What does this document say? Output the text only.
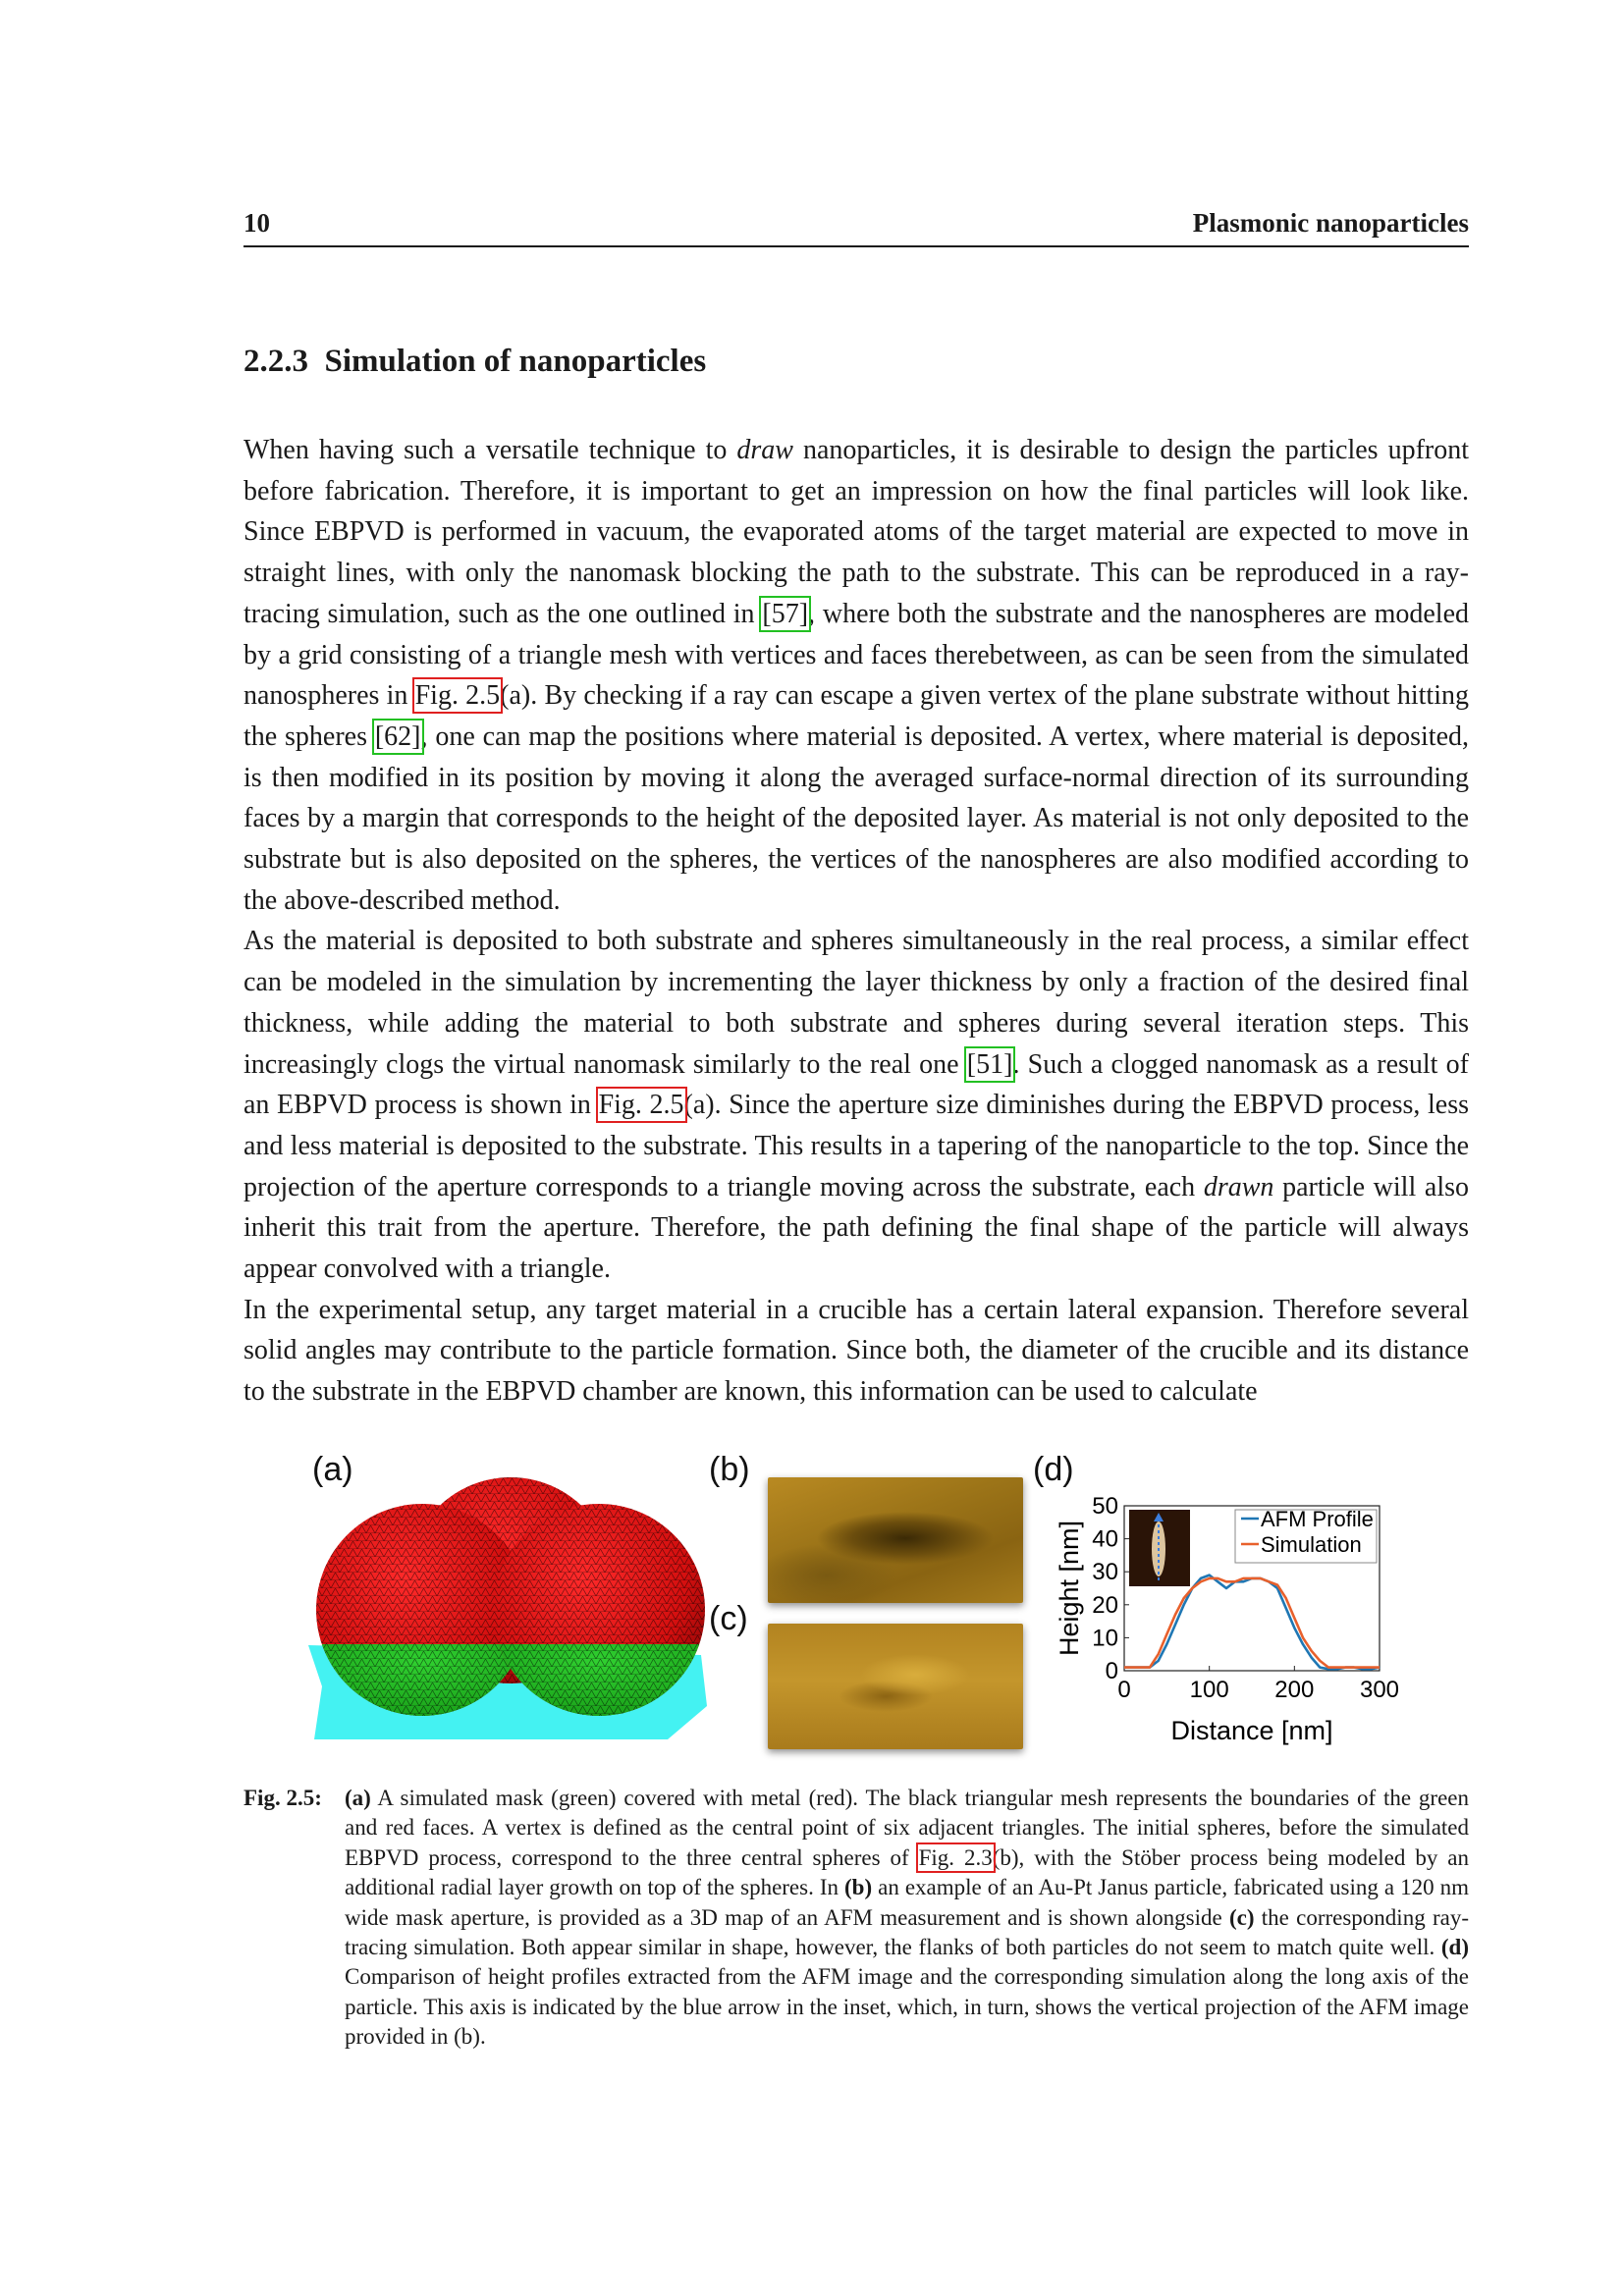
10	Plasmonic nanoparticles
2.2.3 Simulation of nanoparticles

When having such a versatile technique to draw nanoparticles, it is desirable to design the particles upfront before fabrication. Therefore, it is important to get an impression on how the final particles will look like. Since EBPVD is performed in vacuum, the evaporated atoms of the target material are expected to move in straight lines, with only the nanomask blocking the path to the substrate. This can be reproduced in a ray-tracing simulation, such as the one outlined in [57], where both the substrate and the nanospheres are modeled by a grid consisting of a triangle mesh with vertices and faces therebetween, as can be seen from the simulated nanospheres in Fig. 2.5(a). By checking if a ray can escape a given vertex of the plane substrate without hitting the spheres [62], one can map the positions where material is deposited. A vertex, where material is deposited, is then modified in its position by moving it along the averaged surface-normal direction of its surrounding faces by a margin that corresponds to the height of the deposited layer. As material is not only deposited to the substrate but is also deposited on the spheres, the vertices of the nanospheres are also modified according to the above-described method.

As the material is deposited to both substrate and spheres simultaneously in the real process, a similar effect can be modeled in the simulation by incrementing the layer thickness by only a fraction of the desired final thickness, while adding the material to both substrate and spheres during several iteration steps. This increasingly clogs the virtual nanomask similarly to the real one [51]. Such a clogged nanomask as a result of an EBPVD process is shown in Fig. 2.5(a). Since the aperture size diminishes during the EBPVD process, less and less material is deposited to the substrate. This results in a tapering of the nanoparticle to the top. Since the projection of the aperture corresponds to a triangle moving across the substrate, each drawn particle will also inherit this trait from the aperture. Therefore, the path defining the final shape of the particle will always appear convolved with a triangle.

In the experimental setup, any target material in a crucible has a certain lateral expansion. Therefore several solid angles may contribute to the particle formation. Since both, the diameter of the crucible and its distance to the substrate in the EBPVD chamber are known, this information can be used to calculate

(a)	(b)
(c)
(d)
0
10
20
30
40
50
0 100 200 300
AFM Profile
Simulation
Height [nm]
Distance [nm]
Fig. 2.5: (a) A simulated mask (green) covered with metal (red). The black triangular mesh represents the boundaries of the green and red faces. A vertex is defined as the central point of six adjacent triangles. The initial spheres, before the simulated EBPVD process, correspond to the three central spheres of Fig. 2.3(b), with the Stöber process being modeled by an additional radial layer growth on top of the spheres. In (b) an example of an Au-Pt Janus particle, fabricated using a 120 nm wide mask aperture, is provided as a 3D map of an AFM measurement and is shown alongside (c) the corresponding ray-tracing simulation. Both appear similar in shape, however, the flanks of both particles do not seem to match quite well. (d) Comparison of height profiles extracted from the AFM image and the corresponding simulation along the long axis of the particle. This axis is indicated by the blue arrow in the inset, which, in turn, shows the vertical projection of the AFM image provided in (b).
